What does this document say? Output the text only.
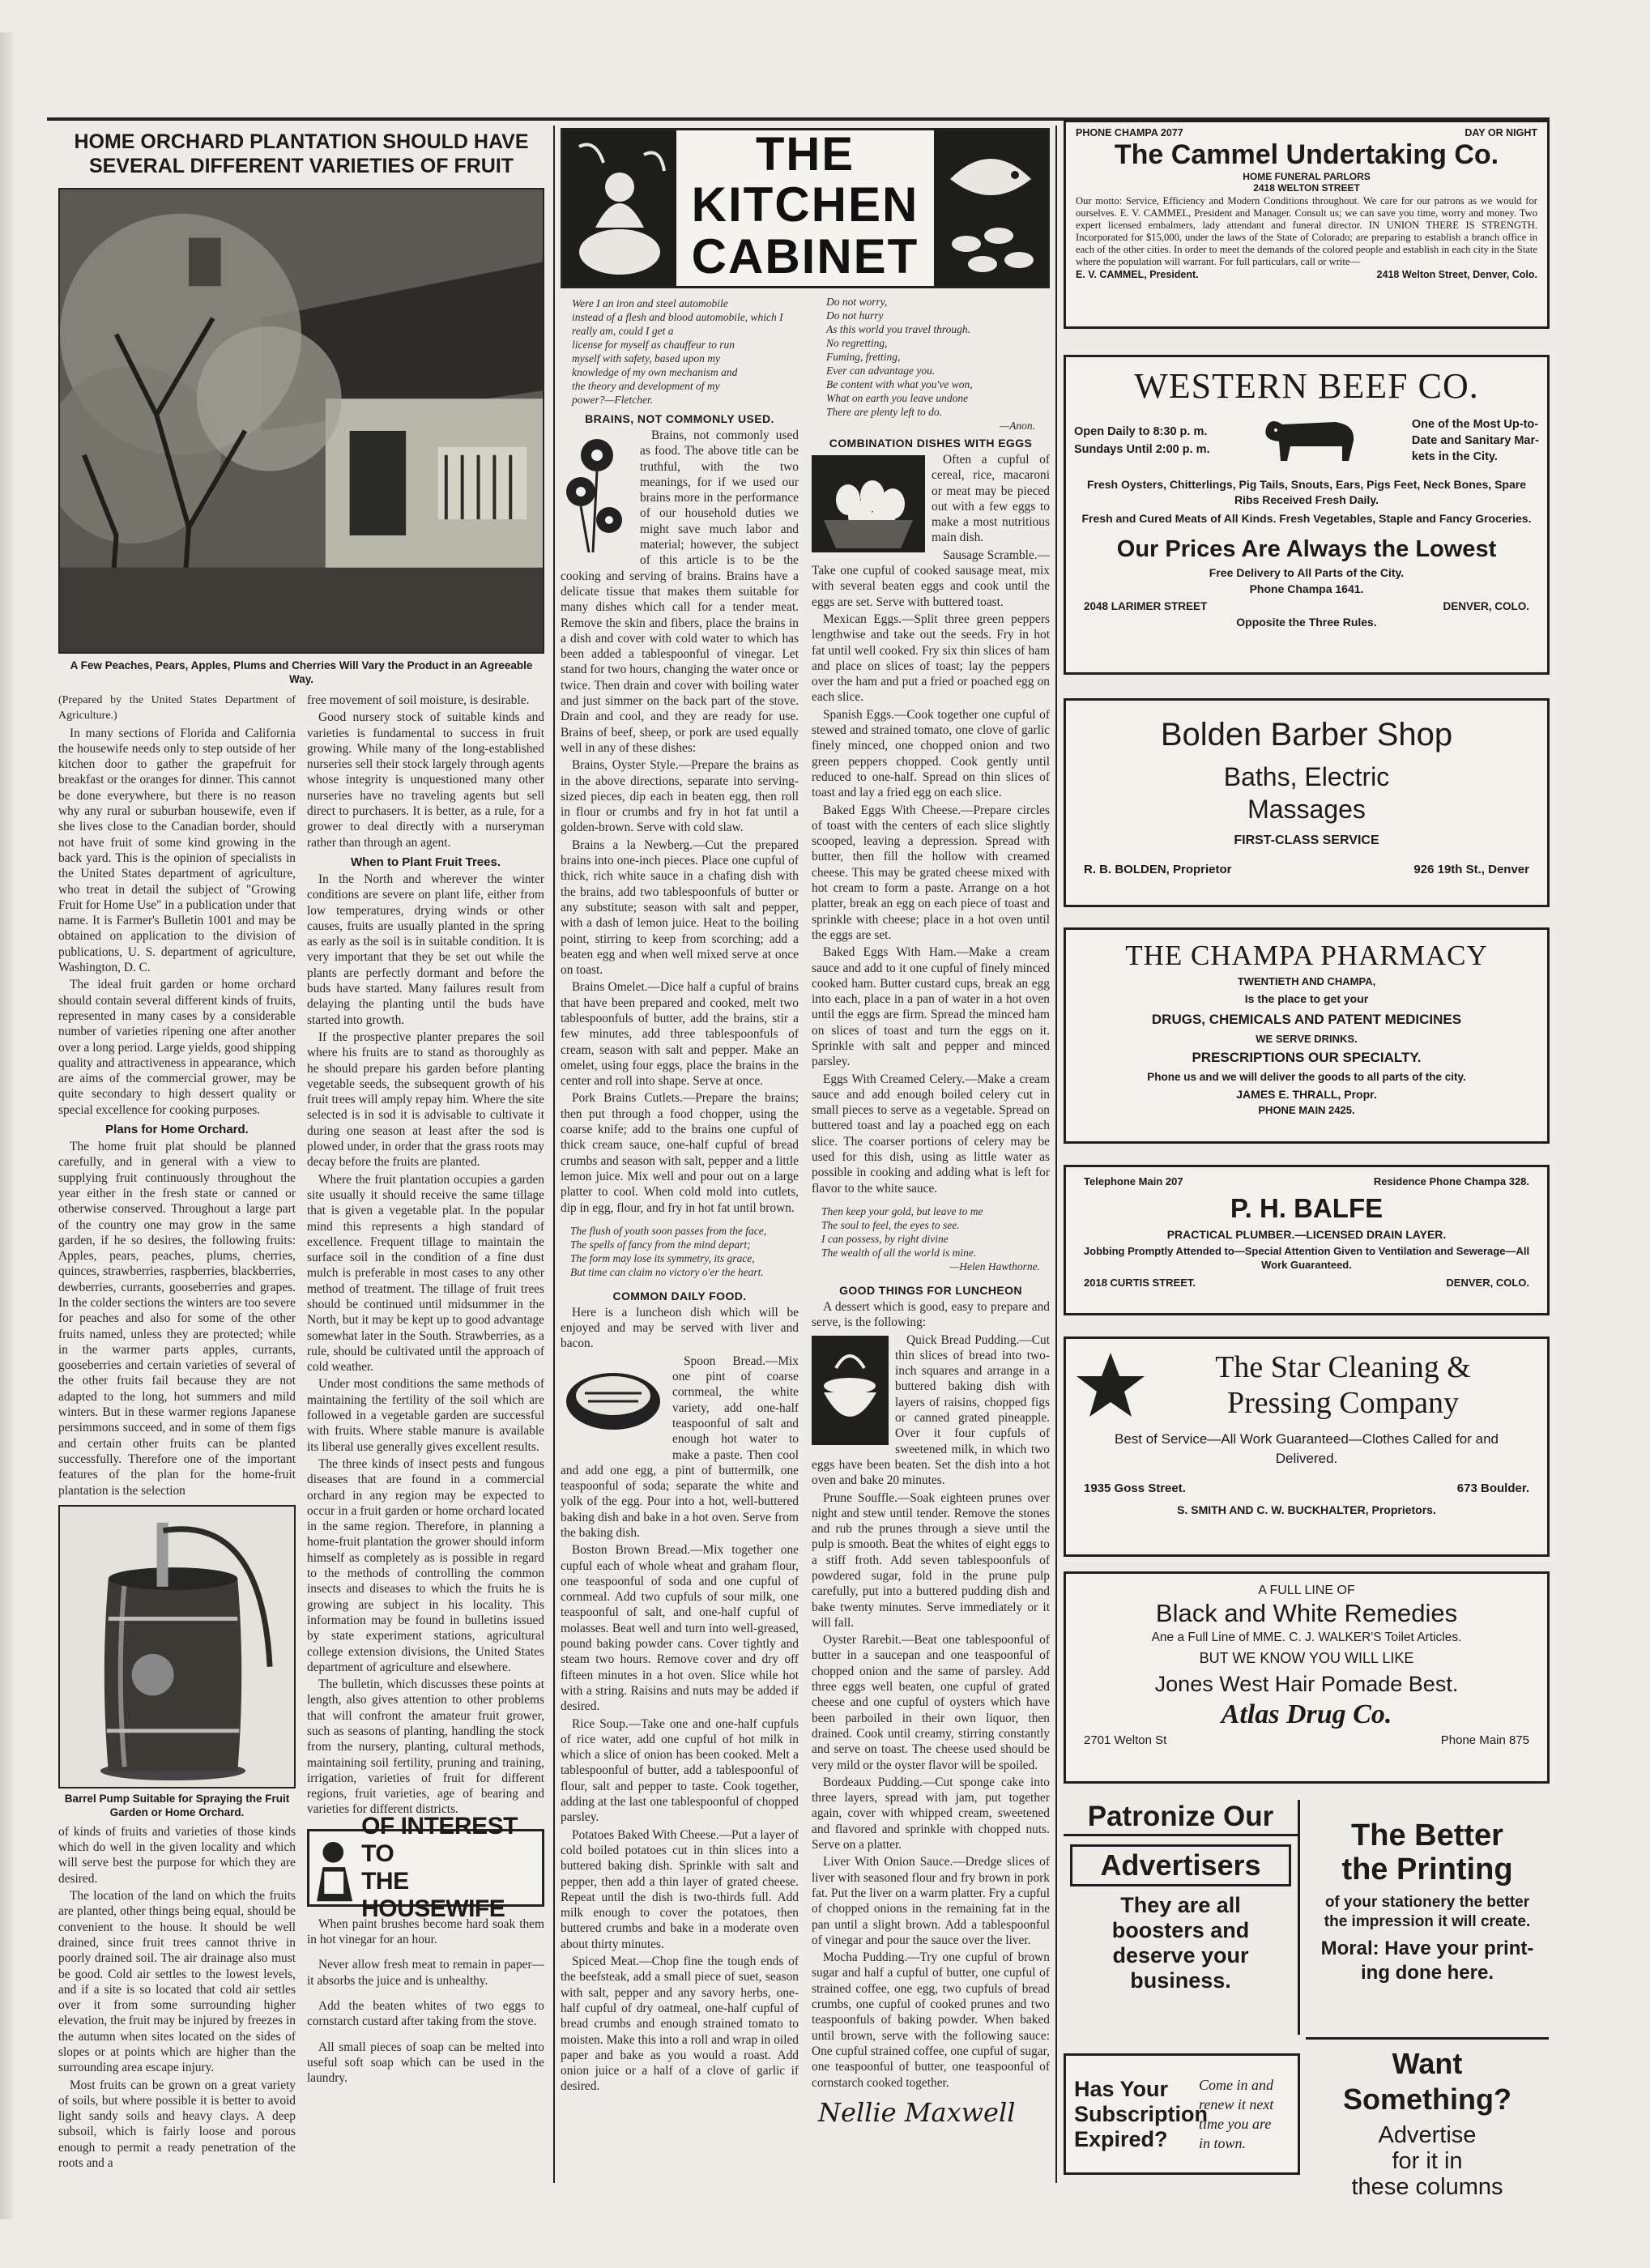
HOME ORCHARD PLANTATION SHOULD HAVE
SEVERAL DIFFERENT VARIETIES OF FRUIT
A Few Peaches, Pears, Apples, Plums and Cherries Will Vary the Product in an Agreeable Way.

(Prepared by the United States Department of Agriculture.)

In many sections of Florida and California the housewife needs only to step outside of her kitchen door to gather the grapefruit for breakfast or the oranges for dinner. This cannot be done everywhere, but there is no reason why any rural or suburban housewife, even if she lives close to the Canadian border, should not have fruit of some kind growing in the back yard. This is the opinion of specialists in the United States department of agriculture, who treat in detail the subject of "Growing Fruit for Home Use" in a publication under that name. It is Farmer's Bulletin 1001 and may be obtained on application to the division of publications, U. S. department of agriculture, Washington, D. C.

The ideal fruit garden or home orchard should contain several different kinds of fruits, represented in many cases by a considerable number of varieties ripening one after another over a long period. Large yields, good shipping quality and attractiveness in appearance, which are aims of the commercial grower, may be quite secondary to high dessert quality or special excellence for cooking purposes.

Plans for Home Orchard.

The home fruit plat should be planned carefully, and in general with a view to supplying fruit continuously throughout the year either in the fresh state or canned or otherwise conserved. Throughout a large part of the country one may grow in the same garden, if he so desires, the following fruits: Apples, pears, peaches, plums, cherries, quinces, strawberries, raspberries, blackberries, dewberries, currants, gooseberries and grapes. In the colder sections the winters are too severe for peaches and also for some of the other fruits named, unless they are protected; while in the warmer parts apples, currants, gooseberries and certain varieties of several of the other fruits fail because they are not adapted to the long, hot summers and mild winters. But in these warmer regions Japanese persimmons succeed, and in some of them figs and certain other fruits can be planted successfully. Therefore one of the important features of the plan for the home-fruit plantation is the selection

Barrel Pump Suitable for Spraying the Fruit Garden or Home Orchard.

of kinds of fruits and varieties of those kinds which do well in the given locality and which will serve best the purpose for which they are desired.

The location of the land on which the fruits are planted, other things being equal, should be convenient to the house. It should be well drained, since fruit trees cannot thrive in poorly drained soil. The air drainage also must be good. Cold air settles to the lowest levels, and if a site is so located that cold air settles over it from some surrounding higher elevation, the fruit may be injured by freezes in the autumn when sites located on the sides of slopes or at points which are higher than the surrounding area escape injury.

Most fruits can be grown on a great variety of soils, but where possible it is better to avoid light sandy soils and heavy clays. A deep subsoil, which is fairly loose and porous enough to permit a ready penetration of the roots and a

free movement of soil moisture, is desirable.

Good nursery stock of suitable kinds and varieties is fundamental to success in fruit growing. While many of the long-established nurseries sell their stock largely through agents whose integrity is unquestioned many other nurseries have no traveling agents but sell direct to purchasers. It is better, as a rule, for a grower to deal directly with a nurseryman rather than through an agent.

When to Plant Fruit Trees.

In the North and wherever the winter conditions are severe on plant life, either from low temperatures, drying winds or other causes, fruits are usually planted in the spring as early as the soil is in suitable condition. It is very important that they be set out while the plants are perfectly dormant and before the buds have started. Many failures result from delaying the planting until the buds have started into growth.

If the prospective planter prepares the soil where his fruits are to stand as thoroughly as he should prepare his garden before planting vegetable seeds, the subsequent growth of his fruit trees will amply repay him. Where the site selected is in sod it is advisable to cultivate it during one season at least after the sod is plowed under, in order that the grass roots may decay before the fruits are planted.

Where the fruit plantation occupies a garden site usually it should receive the same tillage that is given a vegetable plat. In the popular mind this represents a high standard of excellence. Frequent tillage to maintain the surface soil in the condition of a fine dust mulch is preferable in most cases to any other method of treatment. The tillage of fruit trees should be continued until midsummer in the North, but it may be kept up to good advantage somewhat later in the South. Strawberries, as a rule, should be cultivated until the approach of cold weather.

Under most conditions the same methods of maintaining the fertility of the soil which are followed in a vegetable garden are successful with fruits. Where stable manure is available its liberal use generally gives excellent results.

The three kinds of insect pests and fungous diseases that are found in a commercial orchard in any region may be expected to occur in a fruit garden or home orchard located in the same region. Therefore, in planning a home-fruit plantation the grower should inform himself as completely as is possible in regard to the methods of controlling the common insects and diseases to which the fruits he is growing are subject in his locality. This information may be found in bulletins issued by state experiment stations, agricultural college extension divisions, the United States department of agriculture and elsewhere.

The bulletin, which discusses these points at length, also gives attention to other problems that will confront the amateur fruit grower, such as seasons of planting, handling the stock from the nursery, planting, cultural methods, maintaining soil fertility, pruning and training, irrigation, varieties of fruit for different regions, fruit varieties, age of bearing and varieties for different districts.

OF INTEREST TO
THE HOUSEWIFE

When paint brushes become hard soak them in hot vinegar for an hour.

Never allow fresh meat to remain in paper—it absorbs the juice and is unhealthy.

Add the beaten whites of two eggs to cornstarch custard after taking from the stove.

All small pieces of soap can be melted into useful soft soap which can be used in the laundry.

THE
KITCHEN
CABINET
Were I an iron and steel automobile
instead of a flesh and blood automobile, which I really am, could I get a
license for myself as chauffeur to run
myself with safety, based upon my
knowledge of my own mechanism and
the theory and development of my
power?—Fletcher.
BRAINS, NOT COMMONLY USED.

Brains, not commonly used as food. The above title can be truthful, with the two meanings, for if we used our brains more in the performance of our household duties we might save much labor and material; however, the subject of this article is to be the cooking and serving of brains. Brains have a delicate tissue that makes them suitable for many dishes which call for a tender meat. Remove the skin and fibers, place the brains in a dish and cover with cold water to which has been added a tablespoonful of vinegar. Let stand for two hours, changing the water once or twice. Then drain and cover with boiling water and just simmer on the back part of the stove. Drain and cool, and they are ready for use. Brains of beef, sheep, or pork are used equally well in any of these dishes:

Brains, Oyster Style.—Prepare the brains as in the above directions, separate into serving-sized pieces, dip each in beaten egg, then roll in flour or crumbs and fry in hot fat until a golden-brown. Serve with cold slaw.

Brains a la Newberg.—Cut the prepared brains into one-inch pieces. Place one cupful of thick, rich white sauce in a chafing dish with the brains, add two tablespoonfuls of butter or any substitute; season with salt and pepper, with a dash of lemon juice. Heat to the boiling point, stirring to keep from scorching; add a beaten egg and when well mixed serve at once on toast.

Brains Omelet.—Dice half a cupful of brains that have been prepared and cooked, melt two tablespoonfuls of butter, add the brains, stir a few minutes, add three tablespoonfuls of cream, season with salt and pepper. Make an omelet, using four eggs, place the brains in the center and roll into shape. Serve at once.

Pork Brains Cutlets.—Prepare the brains; then put through a food chopper, using the coarse knife; add to the brains one cupful of thick cream sauce, one-half cupful of bread crumbs and season with salt, pepper and a little lemon juice. Mix well and pour out on a large platter to cool. When cold mold into cutlets, dip in egg, flour, and fry in hot fat until brown.

The flush of youth soon passes from the face,
The spells of fancy from the mind depart;
The form may lose its symmetry, its grace,
But time can claim no victory o'er the heart.
COMMON DAILY FOOD.

Here is a luncheon dish which will be enjoyed and may be served with liver and bacon.

Spoon Bread.—Mix one pint of coarse cornmeal, the white variety, add one-half teaspoonful of salt and enough hot water to make a paste. Then cool and add one egg, a pint of buttermilk, one teaspoonful of soda; separate the white and yolk of the egg. Pour into a hot, well-buttered baking dish and bake in a hot oven. Serve from the baking dish.

Boston Brown Bread.—Mix together one cupful each of whole wheat and graham flour, one teaspoonful of soda and one cupful of cornmeal. Add two cupfuls of sour milk, one teaspoonful of salt, and one-half cupful of molasses. Beat well and turn into well-greased, pound baking powder cans. Cover tightly and steam two hours. Remove cover and dry off fifteen minutes in a hot oven. Slice while hot with a string. Raisins and nuts may be added if desired.

Rice Soup.—Take one and one-half cupfuls of rice water, add one cupful of hot milk in which a slice of onion has been cooked. Melt a tablespoonful of butter, add a tablespoonful of flour, salt and pepper to taste. Cook together, adding at the last one tablespoonful of chopped parsley.

Potatoes Baked With Cheese.—Put a layer of cold boiled potatoes cut in thin slices into a buttered baking dish. Sprinkle with salt and pepper, then add a thin layer of grated cheese. Repeat until the dish is two-thirds full. Add milk enough to cover the potatoes, then buttered crumbs and bake in a moderate oven about thirty minutes.

Spiced Meat.—Chop fine the tough ends of the beefsteak, add a small piece of suet, season with salt, pepper and any savory herbs, one-half cupful of dry oatmeal, one-half cupful of bread crumbs and enough strained tomato to moisten. Make this into a roll and wrap in oiled paper and bake as you would a roast. Add onion juice or a half of a clove of garlic if desired.

Do not worry,
Do not hurry
As this world you travel through.
No regretting,
Fuming, fretting,
Ever can advantage you.
Be content with what you've won,
What on earth you leave undone
There are plenty left to do.
—Anon.
COMBINATION DISHES WITH EGGS

Often a cupful of cereal, rice, macaroni or meat may be pieced out with a few eggs to make a most nutritious main dish.

Sausage Scramble.—Take one cupful of cooked sausage meat, mix with several beaten eggs and cook until the eggs are set. Serve with buttered toast.

Mexican Eggs.—Split three green peppers lengthwise and take out the seeds. Fry in hot fat until well cooked. Fry six thin slices of ham and place on slices of toast; lay the peppers over the ham and put a fried or poached egg on each slice.

Spanish Eggs.—Cook together one cupful of stewed and strained tomato, one clove of garlic finely minced, one chopped onion and two green peppers chopped. Cook gently until reduced to one-half. Spread on thin slices of toast and lay a fried egg on each slice.

Baked Eggs With Cheese.—Prepare circles of toast with the centers of each slice slightly scooped, leaving a depression. Spread with butter, then fill the hollow with creamed cheese. This may be grated cheese mixed with hot cream to form a paste. Arrange on a hot platter, break an egg on each piece of toast and sprinkle with cheese; place in a hot oven until the eggs are set.

Baked Eggs With Ham.—Make a cream sauce and add to it one cupful of finely minced cooked ham. Butter custard cups, break an egg into each, place in a pan of water in a hot oven until the eggs are firm. Spread the minced ham on slices of toast and turn the eggs on it. Sprinkle with salt and pepper and minced parsley.

Eggs With Creamed Celery.—Make a cream sauce and add enough boiled celery cut in small pieces to serve as a vegetable. Spread on buttered toast and lay a poached egg on each slice. The coarser portions of celery may be used for this dish, using as little water as possible in cooking and adding what is left for flavor to the white sauce.

Then keep your gold, but leave to me
The soul to feel, the eyes to see.
I can possess, by right divine
The wealth of all the world is mine.
—Helen Hawthorne.
GOOD THINGS FOR LUNCHEON

A dessert which is good, easy to prepare and serve, is the following:

Quick Bread Pudding.—Cut thin slices of bread into two-inch squares and arrange in a buttered baking dish with layers of raisins, chopped figs or canned grated pineapple. Over it four cupfuls of sweetened milk, in which two eggs have been beaten. Set the dish into a hot oven and bake 20 minutes.

Prune Souffle.—Soak eighteen prunes over night and stew until tender. Remove the stones and rub the prunes through a sieve until the pulp is smooth. Beat the whites of eight eggs to a stiff froth. Add seven tablespoonfuls of powdered sugar, fold in the prune pulp carefully, put into a buttered pudding dish and bake twenty minutes. Serve immediately or it will fall.

Oyster Rarebit.—Beat one tablespoonful of butter in a saucepan and one teaspoonful of chopped onion and the same of parsley. Add three eggs well beaten, one cupful of grated cheese and one cupful of oysters which have been parboiled in their own liquor, then drained. Cook until creamy, stirring constantly and serve on toast. The cheese used should be very mild or the oyster flavor will be spoiled.

Bordeaux Pudding.—Cut sponge cake into three layers, spread with jam, put together again, cover with whipped cream, sweetened and flavored and sprinkle with chopped nuts. Serve on a platter.

Liver With Onion Sauce.—Dredge slices of liver with seasoned flour and fry brown in pork fat. Put the liver on a warm platter. Fry a cupful of chopped onions in the remaining fat in the pan until a slight brown. Add a tablespoonful of vinegar and pour the sauce over the liver.

Mocha Pudding.—Try one cupful of brown sugar and half a cupful of butter, one cupful of strained coffee, one egg, two cupfuls of bread crumbs, one cupful of cooked prunes and two teaspoonfuls of baking powder. When baked until brown, serve with the following sauce: One cupful strained coffee, one cupful of sugar, one teaspoonful of butter, one teaspoonful of cornstarch cooked together.

Nellie Maxwell
PHONE CHAMPA 2077	DAY OR NIGHT
The Cammel Undertaking Co.
HOME FUNERAL PARLORS
2418 WELTON STREET
Our motto: Service, Efficiency and Modern Conditions throughout. We care for our patrons as we would for ourselves. E. V. CAMMEL, President and Manager. Consult us; we can save you time, worry and money. Two expert licensed embalmers, lady attendant and funeral director. IN UNION THERE IS STRENGTH. Incorporated for $15,000, under the laws of the State of Colorado; are preparing to establish a branch office in each of the other cities. In order to meet the demands of the colored people and establish in each city in the State where the population will warrant. For full particulars, call or write—
E. V. CAMMEL, President.	2418 Welton Street, Denver, Colo.
WESTERN BEEF CO.
Open Daily to 8:30 p. m.
Sundays Until 2:00 p. m.
One of the Most Up-to-
Date and Sanitary Mar-
kets in the City.
Fresh Oysters, Chitterlings, Pig Tails, Snouts, Ears, Pigs Feet, Neck Bones, Spare Ribs Received Fresh Daily.
Fresh and Cured Meats of All Kinds. Fresh Vegetables, Staple and Fancy Groceries.
Our Prices Are Always the Lowest
Free Delivery to All Parts of the City.
Phone Champa 1641.
2048 LARIMER STREET	DENVER, COLO.
Opposite the Three Rules.
Bolden Barber Shop
Baths, Electric
Massages
FIRST-CLASS SERVICE
R. B. BOLDEN, Proprietor	926 19th St., Denver
THE CHAMPA PHARMACY
TWENTIETH AND CHAMPA,
Is the place to get your
DRUGS, CHEMICALS AND PATENT MEDICINES
WE SERVE DRINKS.
PRESCRIPTIONS OUR SPECIALTY.
Phone us and we will deliver the goods to all parts of the city.
JAMES E. THRALL, Propr.
PHONE MAIN 2425.
Telephone Main 207	Residence Phone Champa 328.
P. H. BALFE
PRACTICAL PLUMBER.—LICENSED DRAIN LAYER.
Jobbing Promptly Attended to—Special Attention Given to Ventilation and Sewerage—All Work Guaranteed.
2018 CURTIS STREET.	DENVER, COLO.
The Star Cleaning &
Pressing Company
Best of Service—All Work Guaranteed—Clothes Called for and Delivered.
1935 Goss Street.	673 Boulder.
S. SMITH AND C. W. BUCKHALTER, Proprietors.
A FULL LINE OF
Black and White Remedies
Ane a Full Line of MME. C. J. WALKER'S Toilet Articles.
BUT WE KNOW YOU WILL LIKE
Jones West Hair Pomade Best.
Atlas Drug Co.
2701 Welton St	Phone Main 875
Patronize Our
Advertisers
They are all
boosters and
deserve your
business.
The Better
the Printing
of your stationery the better
the impression it will create.
Moral: Have your print-
ing done here.
Has Your
Subscription
Expired?
Come in and
renew it next
time you are
in town.
Want Something?
Advertise
for it in
these columns
